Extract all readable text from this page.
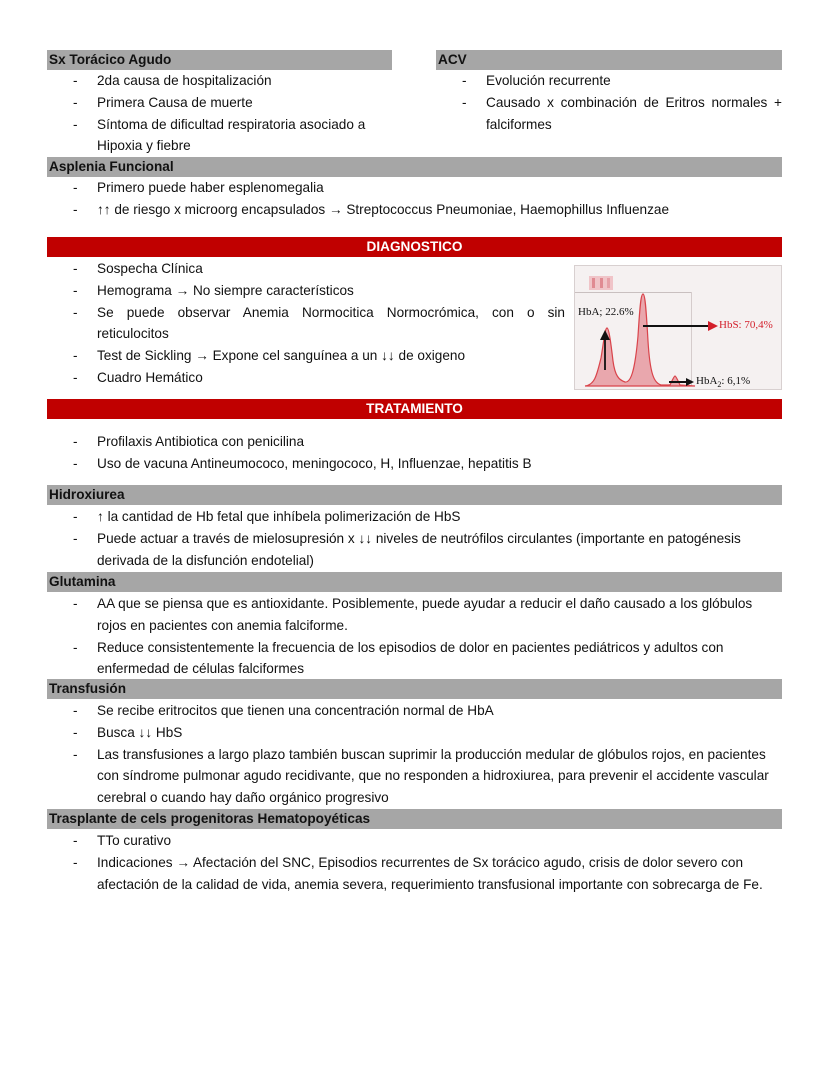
Sx Torácico Agudo
- 2da causa de hospitalización
- Primera Causa de muerte
- Síntoma de dificultad respiratoria asociado a Hipoxia y fiebre
ACV
- Evolución recurrente
- Causado x combinación de Eritros normales + falciformes
Asplenia Funcional
- Primero puede haber esplenomegalia
- ↑↑ de riesgo x microorg encapsulados → Streptococcus Pneumoniae, Haemophillus Influenzae
DIAGNOSTICO
- Sospecha Clínica
- Hemograma → No siempre característicos
- Se puede observar Anemia Normocitica Normocrómica, con o sin reticulocitos
- Test de Sickling → Expone cel sanguínea a un ↓↓ de oxigeno
- Cuadro Hemático
HbA; 22.6%
HbS: 70,4%
HbA$_2$: 6,1%
TRATAMIENTO
- Profilaxis Antibiotica con penicilina
- Uso de vacuna Antineumococo, meningococo, H, Influenzae, hepatitis B
Hidroxiurea
- ↑ la cantidad de Hb fetal que inhíbela polimerización de HbS
- Puede actuar a través de mielosupresión x ↓↓ niveles de neutrófilos circulantes (importante en patogénesis derivada de la disfunción endotelial)
Glutamina
- AA que se piensa que es antioxidante. Posiblemente, puede ayudar a reducir el daño causado a los glóbulos rojos en pacientes con anemia falciforme.
- Reduce consistentemente la frecuencia de los episodios de dolor en pacientes pediátricos y adultos con enfermedad de células falciformes
Transfusión
- Se recibe eritrocitos que tienen una concentración normal de HbA
- Busca ↓↓ HbS
- Las transfusiones a largo plazo también buscan suprimir la producción medular de glóbulos rojos, en pacientes con síndrome pulmonar agudo recidivante, que no responden a hidroxiurea, para prevenir el accidente vascular cerebral o cuando hay daño orgánico progresivo
Trasplante de cels progenitoras Hematopoyéticas
- TTo curativo
- Indicaciones → Afectación del SNC, Episodios recurrentes de Sx torácico agudo, crisis de dolor severo con afectación de la calidad de vida, anemia severa, requerimiento transfusional importante con sobrecarga de Fe.
